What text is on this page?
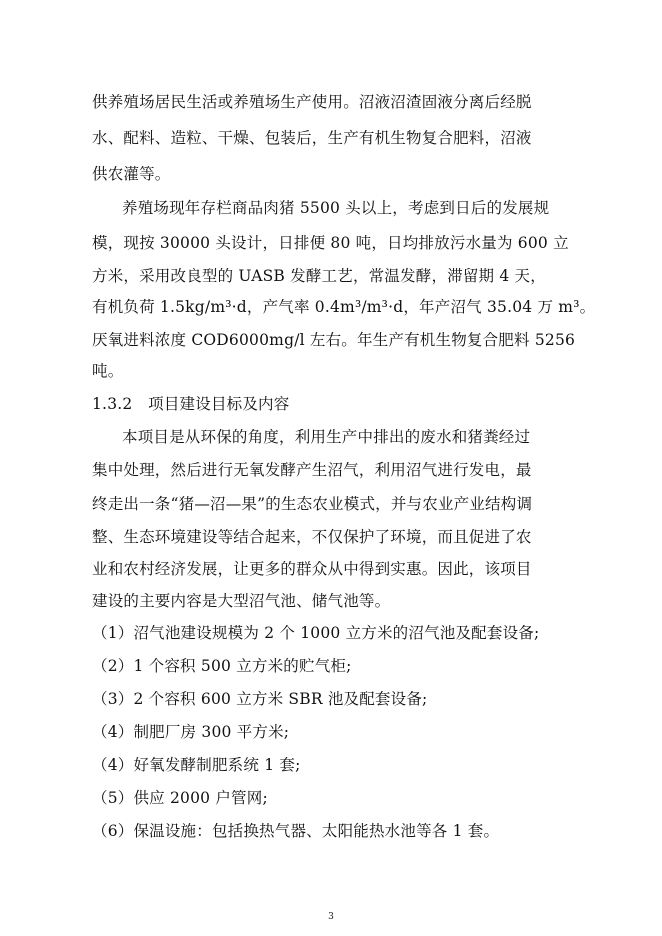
供养殖场居民生活或养殖场生产使用。沼液沼渣固液分离后经脱
水、配料、造粒、干燥、包装后，生产有机生物复合肥料，沼液
供农灌等。
养殖场现年存栏商品肉猪 5500 头以上，考虑到日后的发展规
模，现按 30000 头设计，日排便 80 吨，日均排放污水量为 600 立
方米，采用改良型的 UASB 发酵工艺，常温发酵，滞留期 4 天，
有机负荷 1.5kg/m³·d，产气率 0.4m³/m³·d，年产沼气 35.04 万 m³。
厌氧进料浓度 COD6000mg/l 左右。年生产有机生物复合肥料 5256
吨。
1.3.2　项目建设目标及内容
本项目是从环保的角度，利用生产中排出的废水和猪粪经过
集中处理，然后进行无氧发酵产生沼气，利用沼气进行发电，最
终走出一条“猪—沼—果”的生态农业模式，并与农业产业结构调
整、生态环境建设等结合起来，不仅保护了环境，而且促进了农
业和农村经济发展，让更多的群众从中得到实惠。因此，该项目
建设的主要内容是大型沼气池、储气池等。
（1）沼气池建设规模为 2 个 1000 立方米的沼气池及配套设备;
（2）1 个容积 500 立方米的贮气柜;
（3）2 个容积 600 立方米 SBR 池及配套设备;
（4）制肥厂房 300 平方米;
（4）好氧发酵制肥系统 1 套;
（5）供应 2000 户管网;
（6）保温设施：包括换热气器、太阳能热水池等各 1 套。
3
